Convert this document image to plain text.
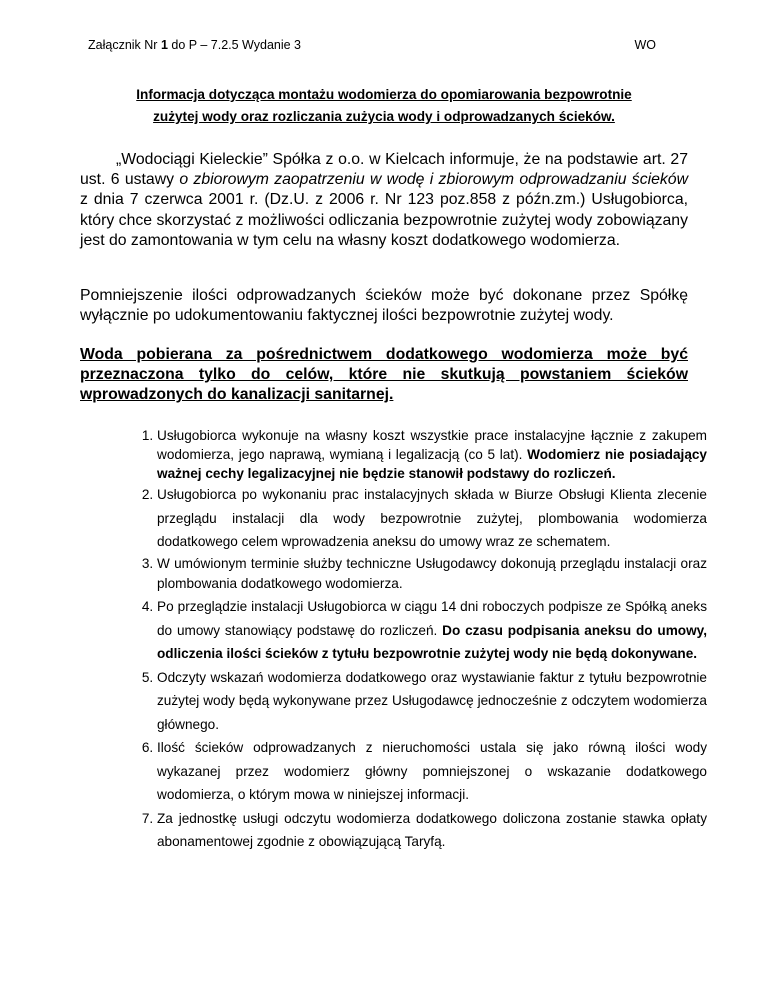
Załącznik Nr 1 do P – 7.2.5 Wydanie 3	WO
Informacja dotycząca montażu wodomierza do opomiarowania bezpowrotnie
zużytej wody oraz rozliczania zużycia wody i odprowadzanych ścieków.
„Wodociągi Kieleckie” Spółka z o.o. w Kielcach informuje, że na podstawie art. 27 ust. 6 ustawy o zbiorowym zaopatrzeniu w wodę i zbiorowym odprowadzaniu ścieków z dnia 7 czerwca 2001 r. (Dz.U. z 2006 r. Nr 123 poz.858 z późn.zm.) Usługobiorca, który chce skorzystać z możliwości odliczania bezpowrotnie zużytej wody zobowiązany jest do zamontowania w tym celu na własny koszt dodatkowego wodomierza.
Pomniejszenie ilości odprowadzanych ścieków może być dokonane przez Spółkę wyłącznie po udokumentowaniu faktycznej ilości bezpowrotnie zużytej wody.
Woda pobierana za pośrednictwem dodatkowego wodomierza może być przeznaczona tylko do celów, które nie skutkują powstaniem ścieków wprowadzonych do kanalizacji sanitarnej.
1. Usługobiorca wykonuje na własny koszt wszystkie prace instalacyjne łącznie z zakupem wodomierza, jego naprawą, wymianą i legalizacją (co 5 lat). Wodomierz nie posiadający ważnej cechy legalizacyjnej nie będzie stanowił podstawy do rozliczeń.
2. Usługobiorca po wykonaniu prac instalacyjnych składa w Biurze Obsługi Klienta zlecenie przeglądu instalacji dla wody bezpowrotnie zużytej, plombowania wodomierza dodatkowego celem wprowadzenia aneksu do umowy wraz ze schematem.
3. W umówionym terminie służby techniczne Usługodawcy dokonują przeglądu instalacji oraz plombowania dodatkowego wodomierza.
4. Po przeglądzie instalacji Usługobiorca w ciągu 14 dni roboczych podpisze ze Spółką aneks do umowy stanowiący podstawę do rozliczeń. Do czasu podpisania aneksu do umowy, odliczenia ilości ścieków z tytułu bezpowrotnie zużytej wody nie będą dokonywane.
5. Odczyty wskazań wodomierza dodatkowego oraz wystawianie faktur z tytułu bezpowrotnie zużytej wody będą wykonywane przez Usługodawcę jednocześnie z odczytem wodomierza głównego.
6. Ilość ścieków odprowadzanych z nieruchomości ustala się jako równą ilości wody wykazanej przez wodomierz główny pomniejszonej o wskazanie dodatkowego wodomierza, o którym mowa w niniejszej informacji.
7. Za jednostkę usługi odczytu wodomierza dodatkowego doliczona zostanie stawka opłaty abonamentowej zgodnie z obowiązującą Taryfą.
